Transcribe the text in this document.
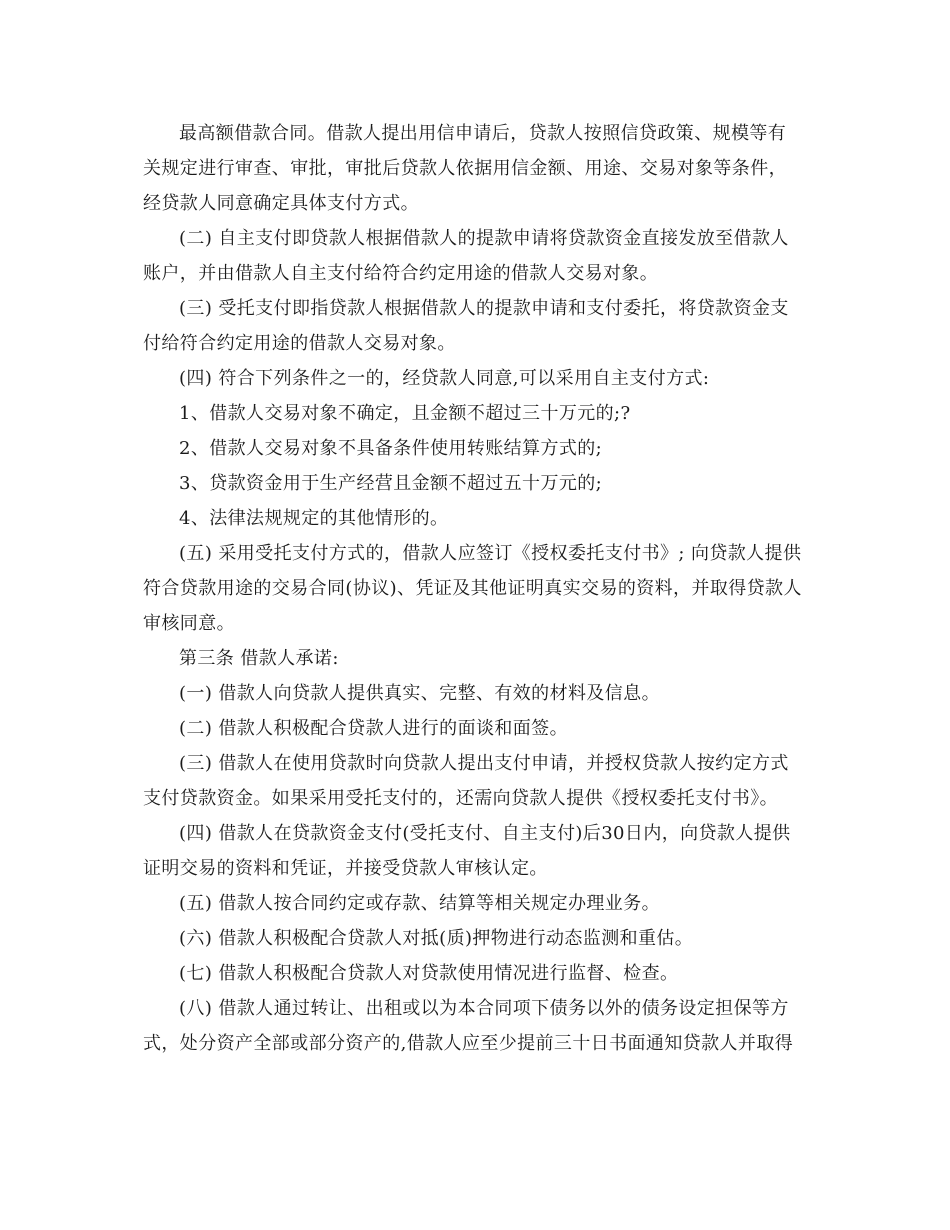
最高额借款合同。借款人提出用信申请后，贷款人按照信贷政策、规模等有关规定进行审查、审批，审批后贷款人依据用信金额、用途、交易对象等条件，经贷款人同意确定具体支付方式。

(二) 自主支付即贷款人根据借款人的提款申请将贷款资金直接发放至借款人账户，并由借款人自主支付给符合约定用途的借款人交易对象。

(三) 受托支付即指贷款人根据借款人的提款申请和支付委托，将贷款资金支付给符合约定用途的借款人交易对象。

(四) 符合下列条件之一的，经贷款人同意,可以采用自主支付方式:

1、借款人交易对象不确定，且金额不超过三十万元的;?

2、借款人交易对象不具备条件使用转账结算方式的;

3、贷款资金用于生产经营且金额不超过五十万元的;

4、法律法规规定的其他情形的。

(五) 采用受托支付方式的，借款人应签订《授权委托支付书》; 向贷款人提供符合贷款用途的交易合同(协议)、凭证及其他证明真实交易的资料，并取得贷款人审核同意。

第三条 借款人承诺:

(一) 借款人向贷款人提供真实、完整、有效的材料及信息。

(二) 借款人积极配合贷款人进行的面谈和面签。

(三) 借款人在使用贷款时向贷款人提出支付申请，并授权贷款人按约定方式支付贷款资金。如果采用受托支付的，还需向贷款人提供《授权委托支付书》。

(四) 借款人在贷款资金支付(受托支付、自主支付)后30日内，向贷款人提供证明交易的资料和凭证，并接受贷款人审核认定。

(五) 借款人按合同约定或存款、结算等相关规定办理业务。

(六) 借款人积极配合贷款人对抵(质)押物进行动态监测和重估。

(七) 借款人积极配合贷款人对贷款使用情况进行监督、检查。

(八) 借款人通过转让、出租或以为本合同项下债务以外的债务设定担保等方式，处分资产全部或部分资产的,借款人应至少提前三十日书面通知贷款人并取得
